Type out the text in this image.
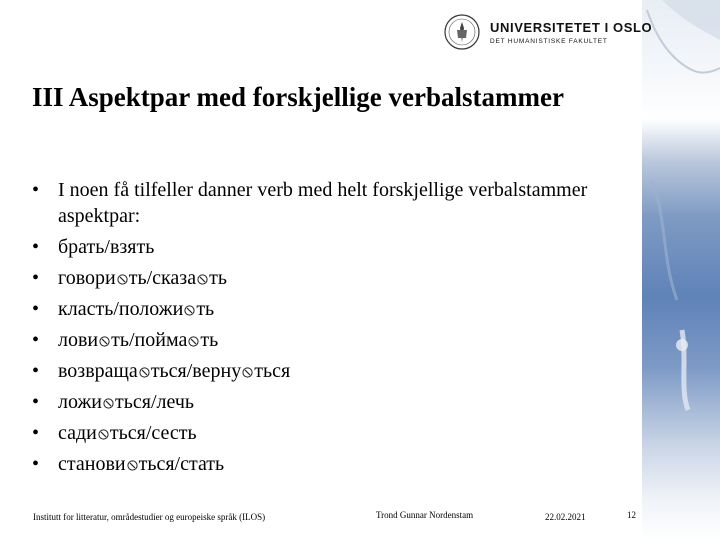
UNIVERSITETET I OSLO
DET HUMANISTISKE FAKULTET
III Aspektpar med forskjellige verbalstammer
• I noen få tilfeller danner verb med helt forskjellige verbalstammer aspektpar:
• брать/взять
• говори ть/сказа ть
• класть/положи ть
• лови ть/пойма ть
• возвраща ться/верну ться
• ложи ться/лечь
• сади ться/сесть
• станови ться/стать
Institutt for litteratur, områdestudier og europeiske språk (ILOS)	Trond Gunnar Nordenstam	22.02.2021	12
